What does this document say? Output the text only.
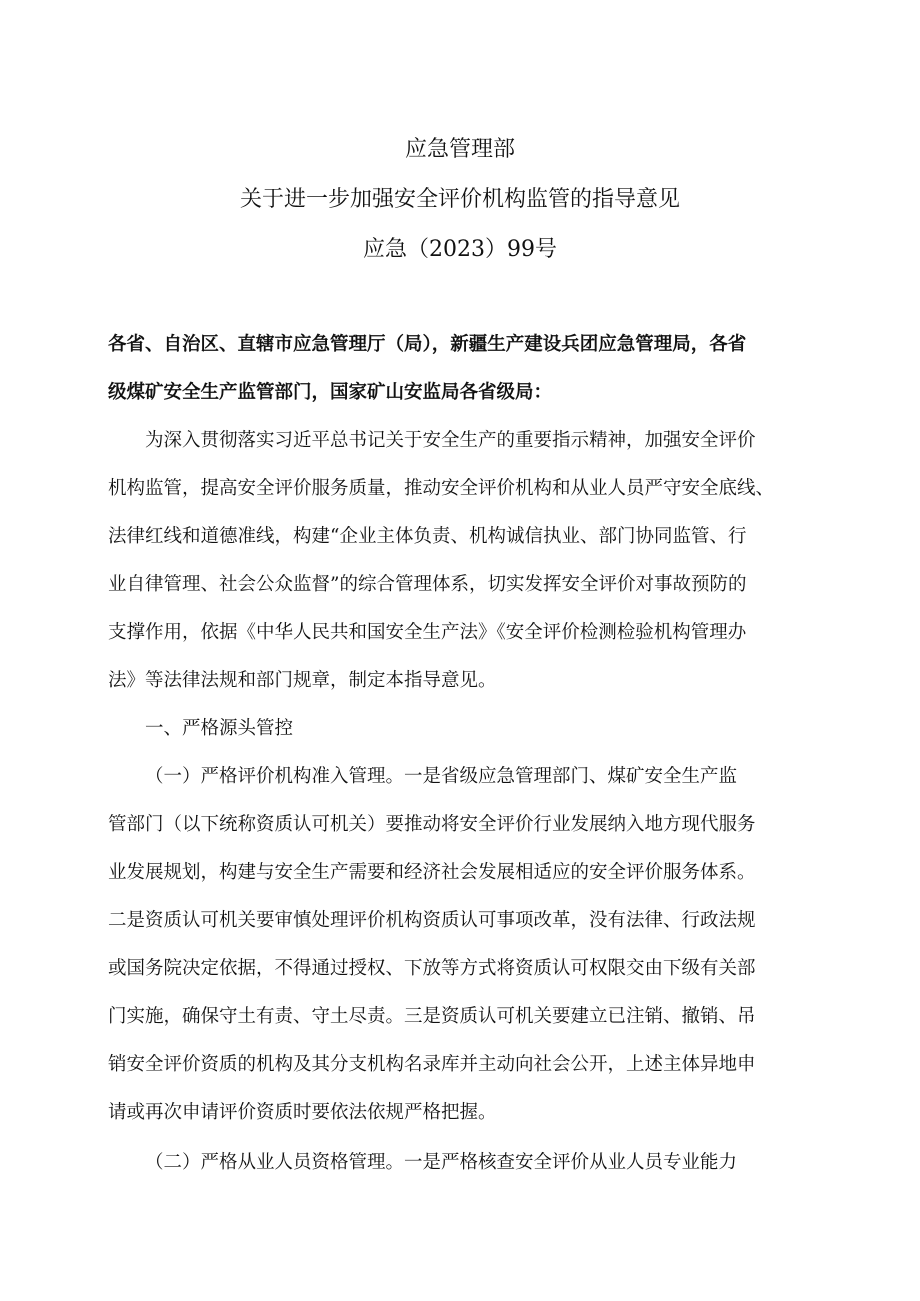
应急管理部
关于进一步加强安全评价机构监管的指导意见
应急（2023）99号
各省、自治区、直辖市应急管理厅（局），新疆生产建设兵团应急管理局，各省
级煤矿安全生产监管部门，国家矿山安监局各省级局：
为深入贯彻落实习近平总书记关于安全生产的重要指示精神，加强安全评价
机构监管，提高安全评价服务质量，推动安全评价机构和从业人员严守安全底线、
法律红线和道德准线，构建“企业主体负责、机构诚信执业、部门协同监管、行
业自律管理、社会公众监督”的综合管理体系，切实发挥安全评价对事故预防的
支撑作用，依据《中华人民共和国安全生产法》《安全评价检测检验机构管理办
法》等法律法规和部门规章，制定本指导意见。
一、严格源头管控
（一）严格评价机构准入管理。一是省级应急管理部门、煤矿安全生产监
管部门（以下统称资质认可机关）要推动将安全评价行业发展纳入地方现代服务
业发展规划，构建与安全生产需要和经济社会发展相适应的安全评价服务体系。
二是资质认可机关要审慎处理评价机构资质认可事项改革，没有法律、行政法规
或国务院决定依据，不得通过授权、下放等方式将资质认可权限交由下级有关部
门实施，确保守土有责、守土尽责。三是资质认可机关要建立已注销、撤销、吊
销安全评价资质的机构及其分支机构名录库并主动向社会公开，上述主体异地申
请或再次申请评价资质时要依法依规严格把握。
（二）严格从业人员资格管理。一是严格核查安全评价从业人员专业能力
